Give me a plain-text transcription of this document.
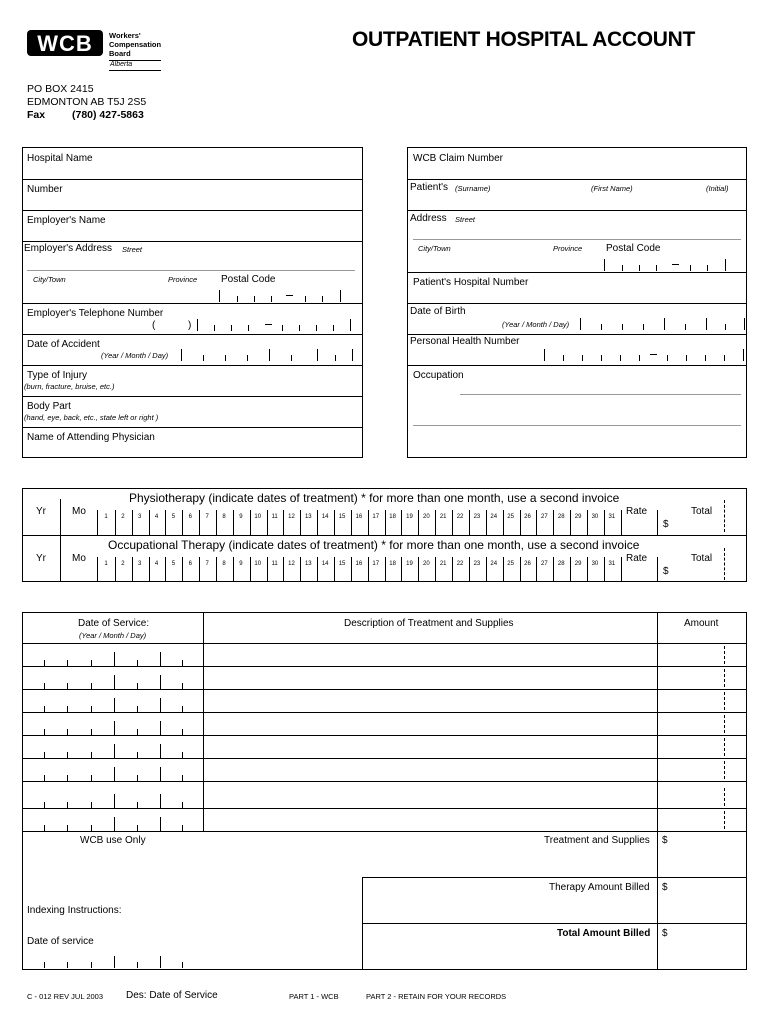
WCB Workers'
Compensation
Board
Alberta
OUTPATIENT HOSPITAL ACCOUNT
PO BOX 2415
EDMONTON AB T5J 2S5
Fax	(780) 427-5863
Hospital Name
Number
Employer's Name
Employer's Address Street
City/Town	Province Postal Code
Employer's Telephone Number
(	)
Date of Accident
(Year / Month / Day)
Type of Injury
(burn, fracture, bruise, etc.)
Body Part
(hand, eye, back, etc., state left or right )
Name of Attending Physician
WCB Claim Number
Patient's (Surname)	(First Name)	(Initial)
Address Street
City/Town	Province Postal Code
Patient's Hospital Number
Date of Birth
(Year / Month / Day)
Personal Health Number
Occupation
Physiotherapy (indicate dates of treatment) * for more than one month, use a second invoice
Yr	Mo	Rate	Total
$
1	2	3	4	5	6	7	8	9	10	11	12	13	14	15	16	17	18	19	20	21	22	23	24	25	26	27	28	29	30	31
Occupational Therapy (indicate dates of treatment) * for more than one month, use a second invoice
Yr	Mo	Rate	Total
$
1	2	3	4	5	6	7	8	9	10	11	12	13	14	15	16	17	18	19	20	21	22	23	24	25	26	27	28	29	30	31
Date of Service:
(Year / Month / Day)
Description of Treatment and Supplies	Amount
WCB use Only
Indexing Instructions:
Date of service
Treatment and Supplies $
Therapy Amount Billed $
Total Amount Billed $
C - 012 REV JUL 2003 Des: Date of Service	PART 1 - WCB	PART 2 - RETAIN FOR YOUR RECORDS
